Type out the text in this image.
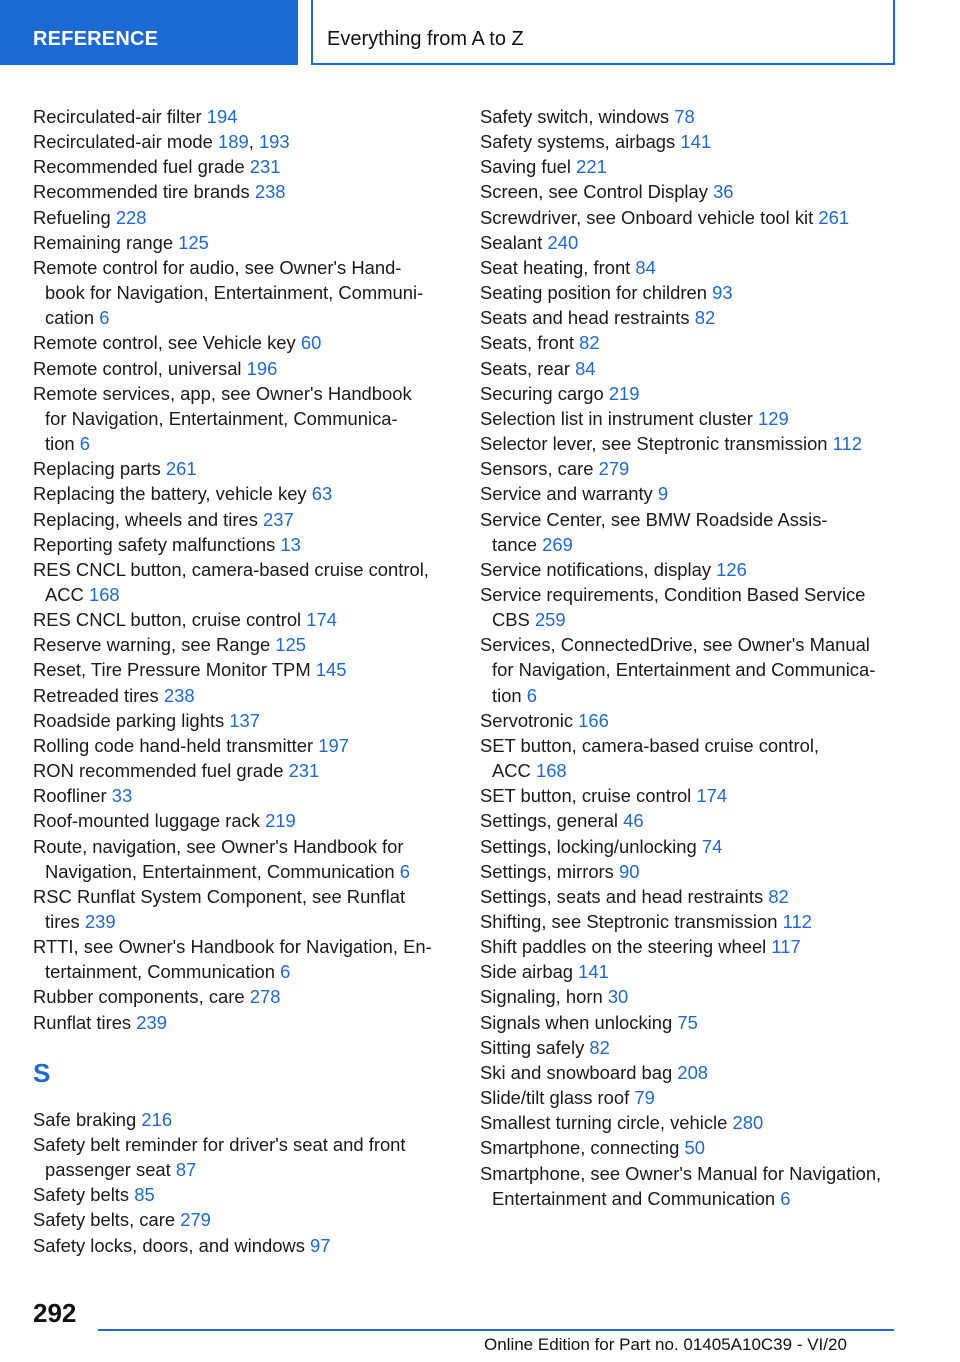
REFERENCE	Everything from A to Z
Recirculated-air filter 194
Recirculated-air mode 189, 193
Recommended fuel grade 231
Recommended tire brands 238
Refueling 228
Remaining range 125
Remote control for audio, see Owner's Hand-
book for Navigation, Entertainment, Communi-
cation 6
Remote control, see Vehicle key 60
Remote control, universal 196
Remote services, app, see Owner's Handbook
for Navigation, Entertainment, Communica-
tion 6
Replacing parts 261
Replacing the battery, vehicle key 63
Replacing, wheels and tires 237
Reporting safety malfunctions 13
RES CNCL button, camera-based cruise control,
ACC 168
RES CNCL button, cruise control 174
Reserve warning, see Range 125
Reset, Tire Pressure Monitor TPM 145
Retreaded tires 238
Roadside parking lights 137
Rolling code hand-held transmitter 197
RON recommended fuel grade 231
Roofliner 33
Roof-mounted luggage rack 219
Route, navigation, see Owner's Handbook for
Navigation, Entertainment, Communication 6
RSC Runflat System Component, see Runflat
tires 239
RTTI, see Owner's Handbook for Navigation, En-
tertainment, Communication 6
Rubber components, care 278
Runflat tires 239
S
Safe braking 216
Safety belt reminder for driver's seat and front
passenger seat 87
Safety belts 85
Safety belts, care 279
Safety locks, doors, and windows 97
Safety switch, windows 78
Safety systems, airbags 141
Saving fuel 221
Screen, see Control Display 36
Screwdriver, see Onboard vehicle tool kit 261
Sealant 240
Seat heating, front 84
Seating position for children 93
Seats and head restraints 82
Seats, front 82
Seats, rear 84
Securing cargo 219
Selection list in instrument cluster 129
Selector lever, see Steptronic transmission 112
Sensors, care 279
Service and warranty 9
Service Center, see BMW Roadside Assis-
tance 269
Service notifications, display 126
Service requirements, Condition Based Service
CBS 259
Services, ConnectedDrive, see Owner's Manual
for Navigation, Entertainment and Communica-
tion 6
Servotronic 166
SET button, camera-based cruise control,
ACC 168
SET button, cruise control 174
Settings, general 46
Settings, locking/unlocking 74
Settings, mirrors 90
Settings, seats and head restraints 82
Shifting, see Steptronic transmission 112
Shift paddles on the steering wheel 117
Side airbag 141
Signaling, horn 30
Signals when unlocking 75
Sitting safely 82
Ski and snowboard bag 208
Slide/tilt glass roof 79
Smallest turning circle, vehicle 280
Smartphone, connecting 50
Smartphone, see Owner's Manual for Navigation,
Entertainment and Communication 6
292
Online Edition for Part no. 01405A10C39 - VI/20
